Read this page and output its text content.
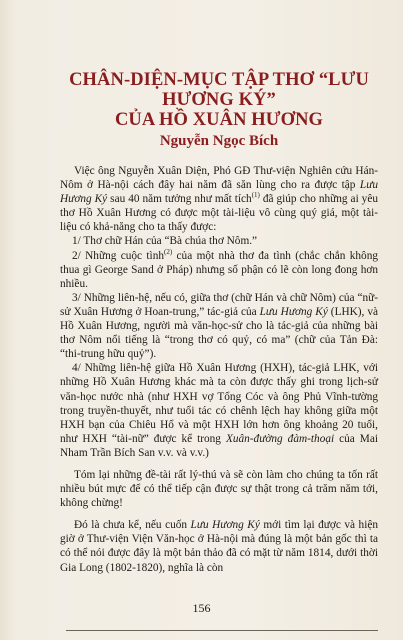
CHÂN-DIỆN-MỤC TẬP THƠ “LƯU
HƯƠNG KÝ”
CỦA HỒ XUÂN HƯƠNG
Nguyễn Ngọc Bích

Việc ông Nguyễn Xuân Diện, Phó GĐ Thư-viện Nghiên cứu Hán-Nôm ở Hà-nội cách đây hai năm đã săn lùng cho ra được tập Lưu Hương Ký sau 40 năm tưởng như mất tích$^{(1)}$ đã giúp cho những ai yêu thơ Hồ Xuân Hương có được một tài-liệu vô cùng quý giá, một tài-liệu có khả-năng cho ta thấy được:

1/ Thơ chữ Hán của “Bà chúa thơ Nôm.”

2/ Những cuộc tình$^{(2)}$ của một nhà thơ đa tình (chắc chắn không thua gì George Sand ở Pháp) nhưng số phận có lẽ còn long đong hơn nhiều.

3/ Những liên-hệ, nếu có, giữa thơ (chữ Hán và chữ Nôm) của “nữ-sử Xuân Hương ở Hoan-trung,” tác-giả của Lưu Hương Ký (LHK), và Hồ Xuân Hương, người mà văn-học-sử cho là tác-giả của những bài thơ Nôm nổi tiếng là “trong thơ có quỷ, có ma” (chữ của Tản Đà: “thi-trung hữu quỷ”).

4/ Những liên-hệ giữa Hồ Xuân Hương (HXH), tác-giả LHK, với những Hồ Xuân Hương khác mà ta còn được thấy ghi trong lịch-sử văn-học nước nhà (như HXH vợ Tổng Cóc và ông Phủ Vĩnh-tường trong truyền-thuyết, như tuổi tác có chênh lệch hay không giữa một HXH bạn của Chiêu Hổ và một HXH lớn hơn ông khoảng 20 tuổi, như HXH “tài-nữ” được kể trong Xuân-đường đàm-thoại của Mai Nham Trần Bích San v.v. và v.v.)

Tóm lại những đề-tài rất lý-thú và sẽ còn làm cho chúng ta tốn rất nhiều bút mực để có thể tiếp cận được sự thật trong cả trăm năm tới, không chừng!

Đó là chưa kể, nếu cuốn Lưu Hương Ký mới tìm lại được và hiện giờ ở Thư-viện Viện Văn-học ở Hà-nội mà đúng là một bản gốc thì ta có thể nói được đây là một bản thảo đã có mặt từ năm 1814, dưới thời Gia Long (1802-1820), nghĩa là còn

156
